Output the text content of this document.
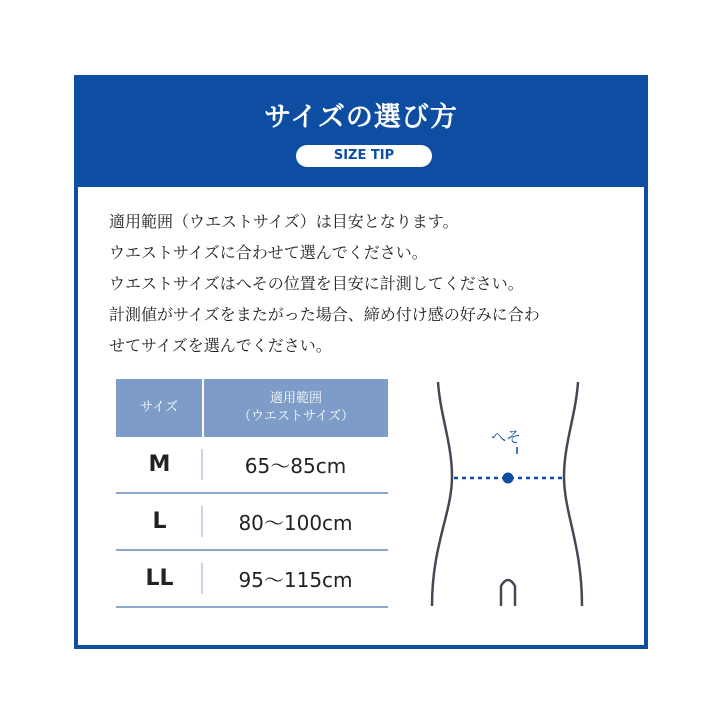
サイズの選び方
SIZE TIP
適用範囲（ウエストサイズ）は目安となります。
ウエストサイズに合わせて選んでください。
ウエストサイズはへその位置を目安に計測してください。
計測値がサイズをまたがった場合、締め付け感の好みに合わ
せてサイズを選んでください。
サイズ	適用範囲
（ウエストサイズ）
M	65〜85cm
L	80〜100cm
LL	95〜115cm
へそ
